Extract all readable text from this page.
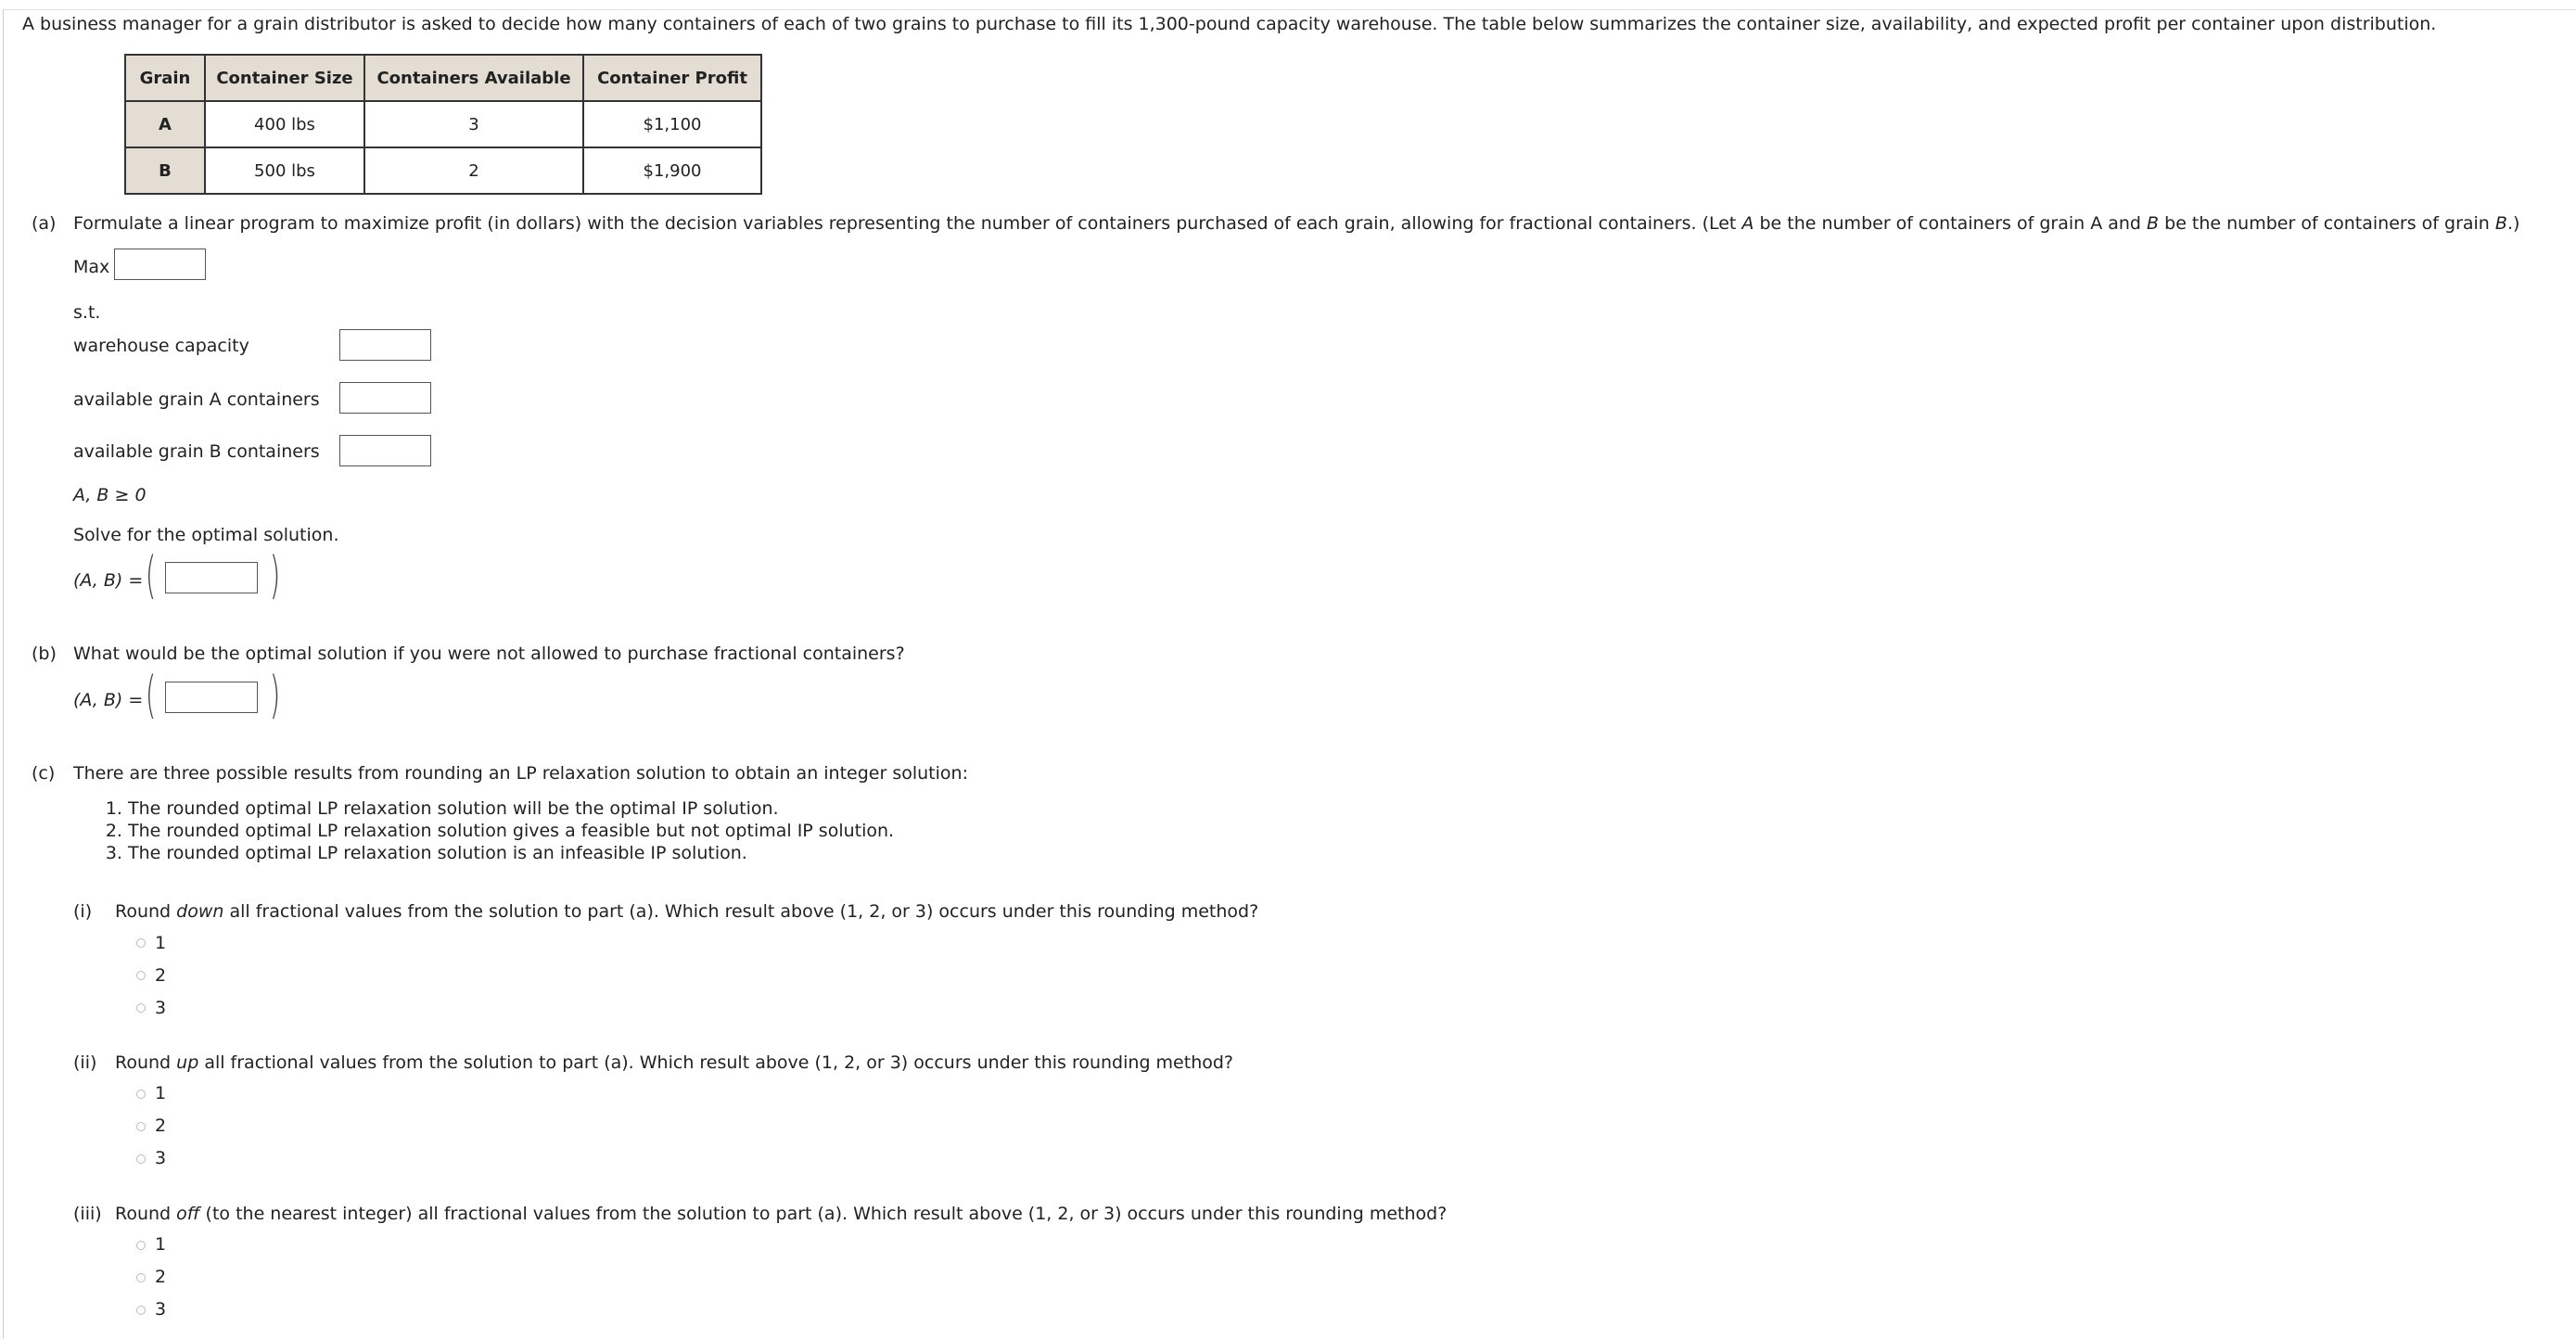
A business manager for a grain distributor is asked to decide how many containers of each of two grains to purchase to fill its 1,300-pound capacity warehouse. The table below summarizes the container size, availability, and expected profit per container upon distribution.
Grain	Container Size	Containers Available	Container Profit
A	400 lbs	3	$1,100
B	500 lbs	2	$1,900
(a) Formulate a linear program to maximize profit (in dollars) with the decision variables representing the number of containers purchased of each grain, allowing for fractional containers. (Let A be the number of containers of grain A and B be the number of containers of grain B.)
Max
s.t.
warehouse capacity
available grain A containers
available grain B containers
A, B ≥ 0
Solve for the optimal solution.
(A, B) = ( )
(b) What would be the optimal solution if you were not allowed to purchase fractional containers?
(A, B) = ( )
(c) There are three possible results from rounding an LP relaxation solution to obtain an integer solution:
1. The rounded optimal LP relaxation solution will be the optimal IP solution.
2. The rounded optimal LP relaxation solution gives a feasible but not optimal IP solution.
3. The rounded optimal LP relaxation solution is an infeasible IP solution.
(i) Round down all fractional values from the solution to part (a). Which result above (1, 2, or 3) occurs under this rounding method?
1
2
3
(ii) Round up all fractional values from the solution to part (a). Which result above (1, 2, or 3) occurs under this rounding method?
1
2
3
(iii) Round off (to the nearest integer) all fractional values from the solution to part (a). Which result above (1, 2, or 3) occurs under this rounding method?
1
2
3
